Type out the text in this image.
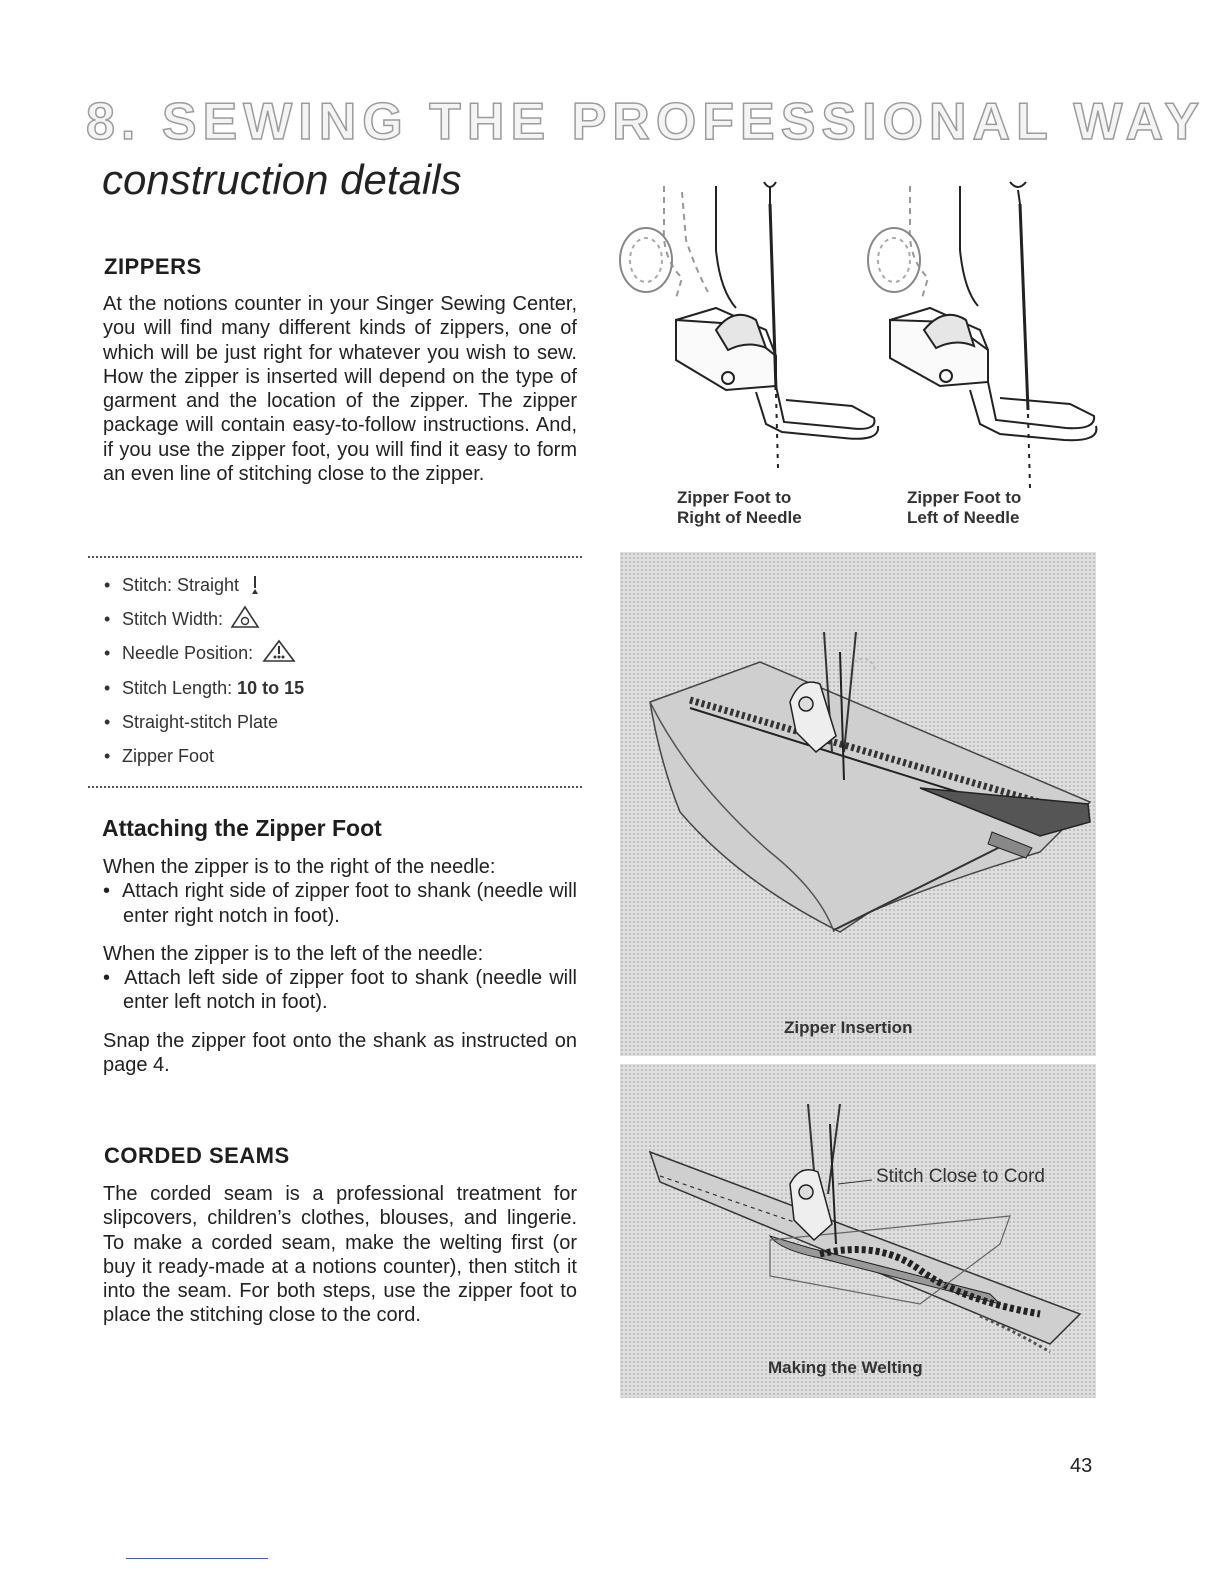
8. SEWING THE PROFESSIONAL WAY
construction details
ZIPPERS

At the notions counter in your Singer Sewing Center, you will find many different kinds of zippers, one of which will be just right for whatever you wish to sew. How the zipper is inserted will depend on the type of garment and the location of the zipper. The zipper package will contain easy-to-follow instructions. And, if you use the zipper foot, you will find it easy to form an even line of stitching close to the zipper.

• Stitch: Straight
• Stitch Width:
• Needle Position:
• Stitch Length: 10 to 15
• Straight-stitch Plate
• Zipper Foot
Attaching the Zipper Foot

When the zipper is to the right of the needle:

•  Attach right side of zipper foot to shank (needle will enter right notch in foot).

When the zipper is to the left of the needle:

•  Attach left side of zipper foot to shank (needle will enter left notch in foot).

Snap the zipper foot onto the shank as instructed on page 4.

CORDED SEAMS

The corded seam is a professional treatment for slipcovers, children’s clothes, blouses, and lingerie. To make a corded seam, make the welting first (or buy it ready-made at a notions counter), then stitch it into the seam. For both steps, use the zipper foot to place the stitching close to the cord.

Zipper Foot to
Right of Needle
Zipper Foot to
Left of Needle
Zipper Insertion
Stitch Close to Cord
Making the Welting
43
